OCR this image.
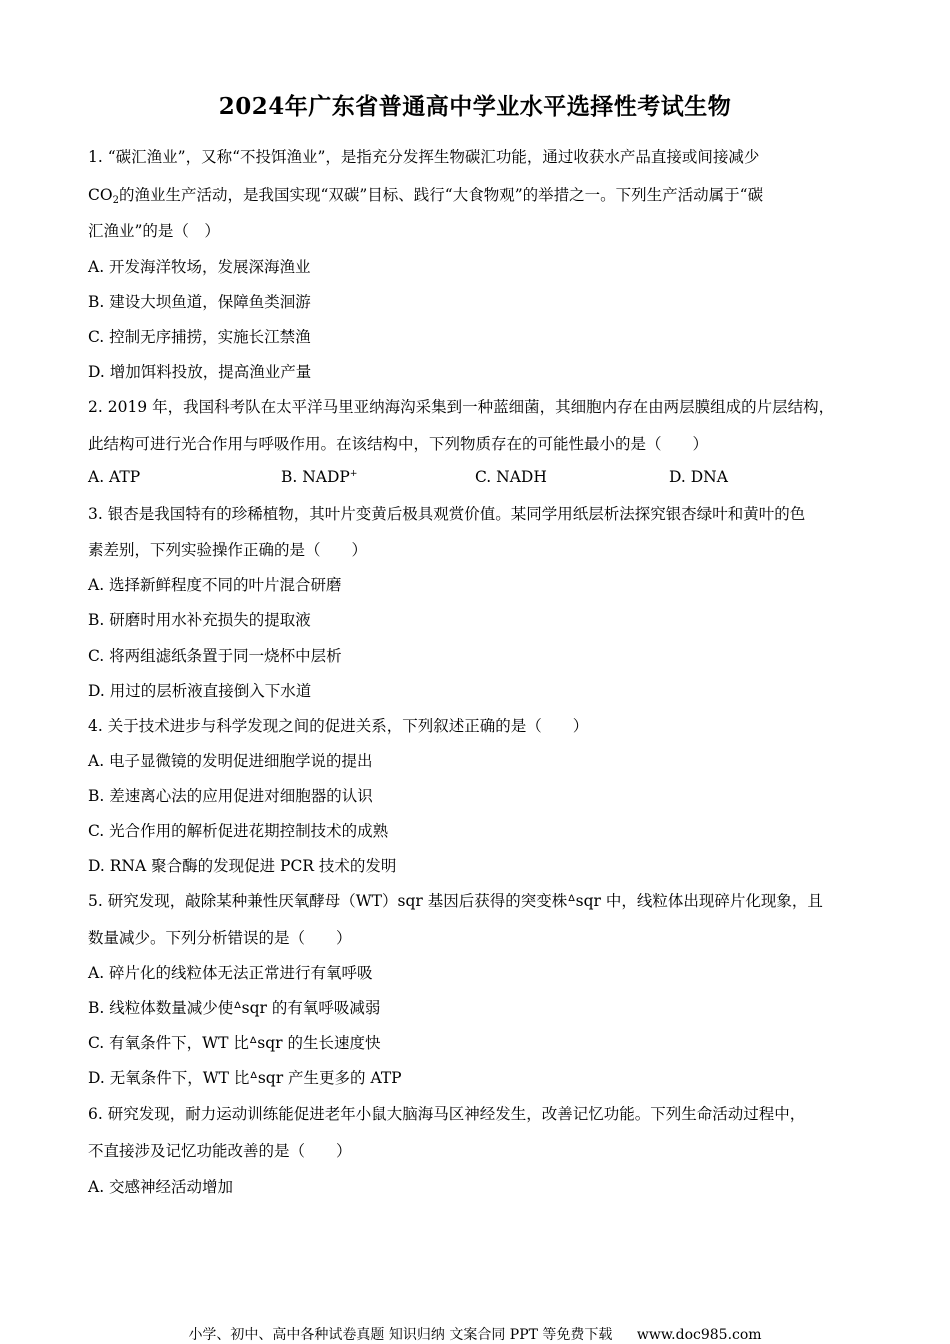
2024年广东省普通高中学业水平选择性考试生物
1. “碳汇渔业”，又称“不投饵渔业”，是指充分发挥生物碳汇功能，通过收获水产品直接或间接减少
$CO_2$的渔业生产活动，是我国实现“双碳”目标、践行“大食物观”的举措之一。下列生产活动属于“碳
汇渔业”的是（　）
A. 开发海洋牧场，发展深海渔业
B. 建设大坝鱼道，保障鱼类洄游
C. 控制无序捕捞，实施长江禁渔
D. 增加饵料投放，提高渔业产量
2. 2019 年，我国科考队在太平洋马里亚纳海沟采集到一种蓝细菌，其细胞内存在由两层膜组成的片层结构，
此结构可进行光合作用与呼吸作用。在该结构中，下列物质存在的可能性最小的是（　　）
A. ATP	B. NADP+	C. NADH	D. DNA
3. 银杏是我国特有的珍稀植物，其叶片变黄后极具观赏价值。某同学用纸层析法探究银杏绿叶和黄叶的色
素差别，下列实验操作正确的是（　　）
A. 选择新鲜程度不同的叶片混合研磨
B. 研磨时用水补充损失的提取液
C. 将两组滤纸条置于同一烧杯中层析
D. 用过的层析液直接倒入下水道
4. 关于技术进步与科学发现之间的促进关系，下列叙述正确的是（　　）
A. 电子显微镜的发明促进细胞学说的提出
B. 差速离心法的应用促进对细胞器的认识
C. 光合作用的解析促进花期控制技术的成熟
D. RNA 聚合酶的发现促进 PCR 技术的发明
5. 研究发现，敲除某种兼性厌氧酵母（WT）sqr 基因后获得的突变株ᐞsqr 中，线粒体出现碎片化现象，且
数量减少。下列分析错误的是（　　）
A. 碎片化的线粒体无法正常进行有氧呼吸
B. 线粒体数量减少使ᐞsqr 的有氧呼吸减弱
C. 有氧条件下，WT 比ᐞsqr 的生长速度快
D. 无氧条件下，WT 比ᐞsqr 产生更多的 ATP
6. 研究发现，耐力运动训练能促进老年小鼠大脑海马区神经发生，改善记忆功能。下列生命活动过程中，
不直接涉及记忆功能改善的是（　　）
A. 交感神经活动增加
小学、初中、高中各种试卷真题 知识归纳 文案合同 PPT 等免费下载 www.doc985.com
